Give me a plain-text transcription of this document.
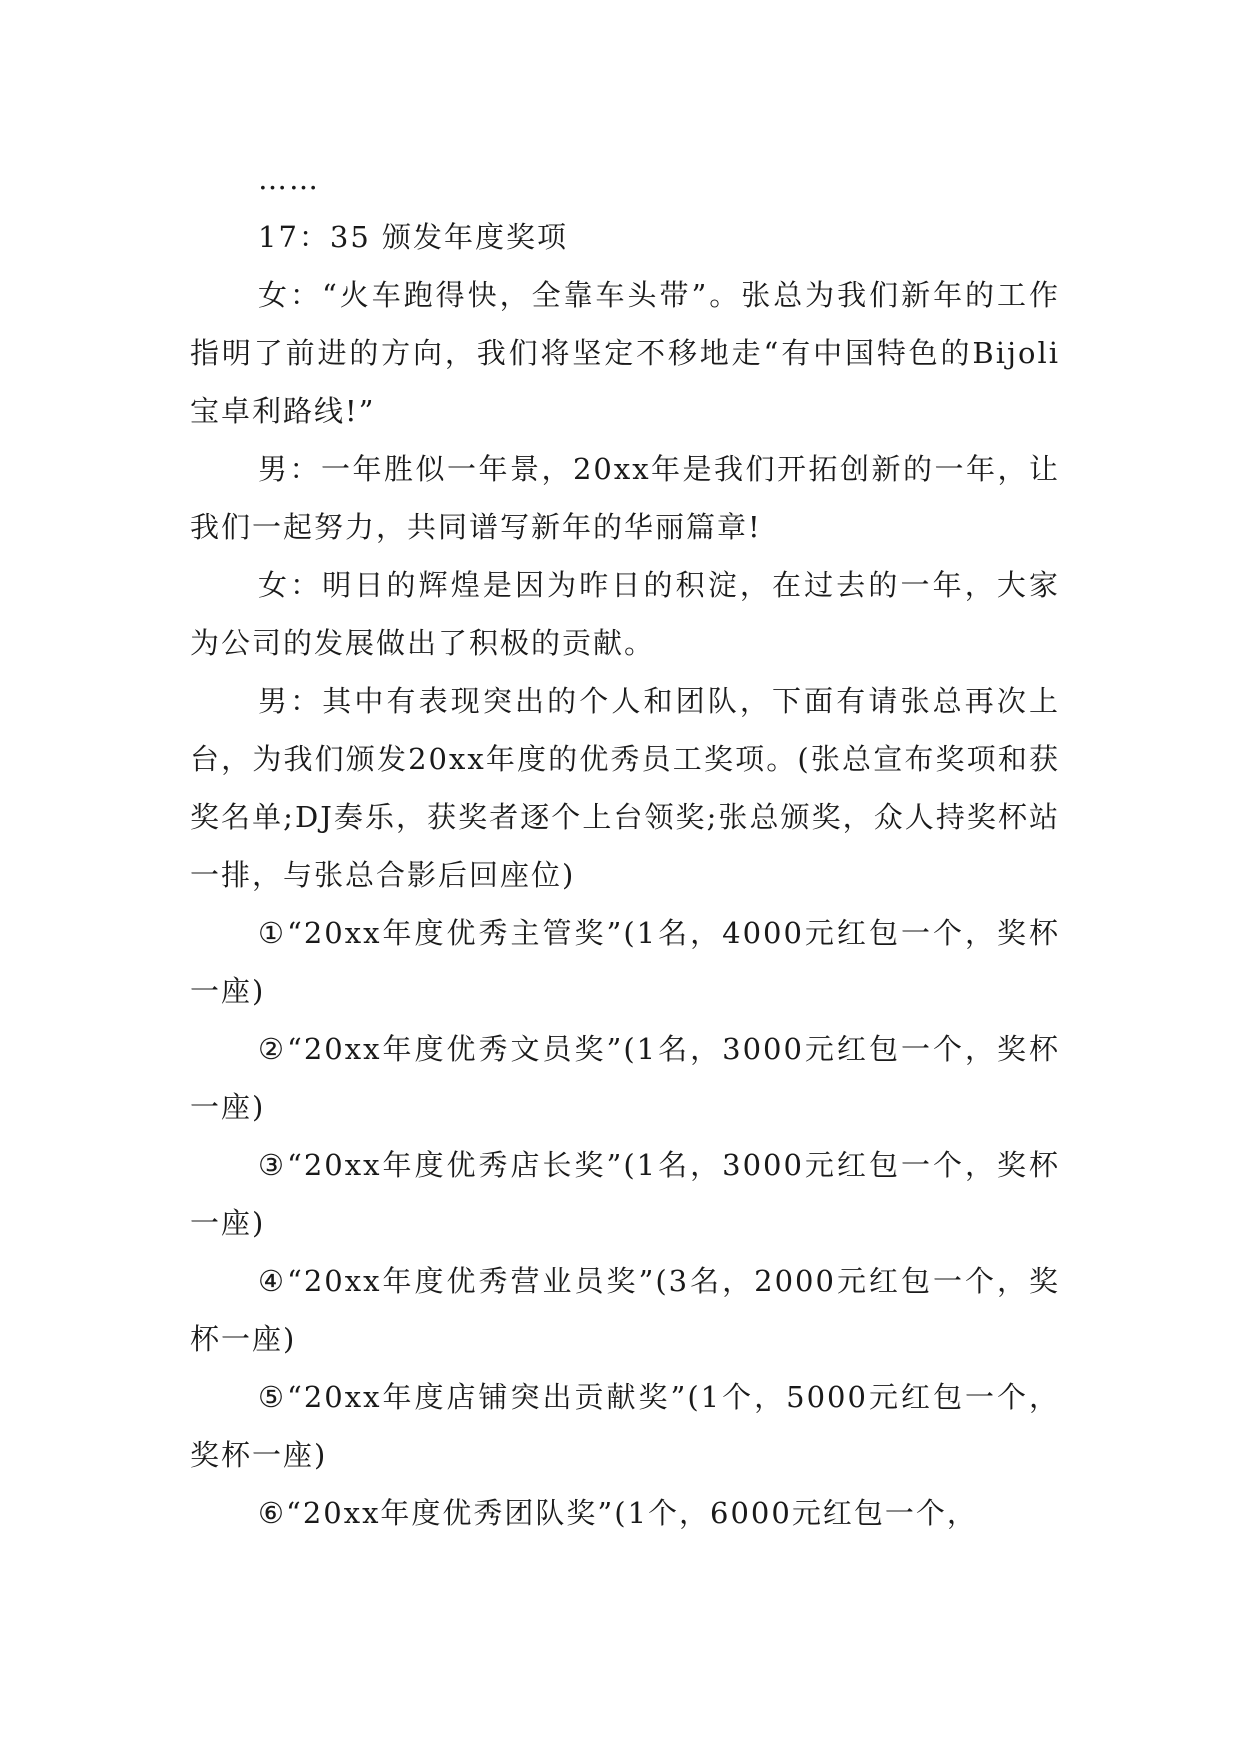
……

17：35 颁发年度奖项

女：“火车跑得快，全靠车头带”。张总为我们新年的工作指明了前进的方向，我们将坚定不移地走“有中国特色的Bijoli宝卓利路线!”

男：一年胜似一年景，20xx年是我们开拓创新的一年，让我们一起努力，共同谱写新年的华丽篇章!

女：明日的辉煌是因为昨日的积淀，在过去的一年，大家为公司的发展做出了积极的贡献。

男：其中有表现突出的个人和团队，下面有请张总再次上台，为我们颁发20xx年度的优秀员工奖项。(张总宣布奖项和获奖名单;DJ奏乐，获奖者逐个上台领奖;张总颁奖，众人持奖杯站一排，与张总合影后回座位)

①“20xx年度优秀主管奖”(1名，4000元红包一个，奖杯一座)

②“20xx年度优秀文员奖”(1名，3000元红包一个，奖杯一座)

③“20xx年度优秀店长奖”(1名，3000元红包一个，奖杯一座)

④“20xx年度优秀营业员奖”(3名，2000元红包一个，奖杯一座)

⑤“20xx年度店铺突出贡献奖”(1个，5000元红包一个，奖杯一座)

⑥“20xx年度优秀团队奖”(1个，6000元红包一个，
